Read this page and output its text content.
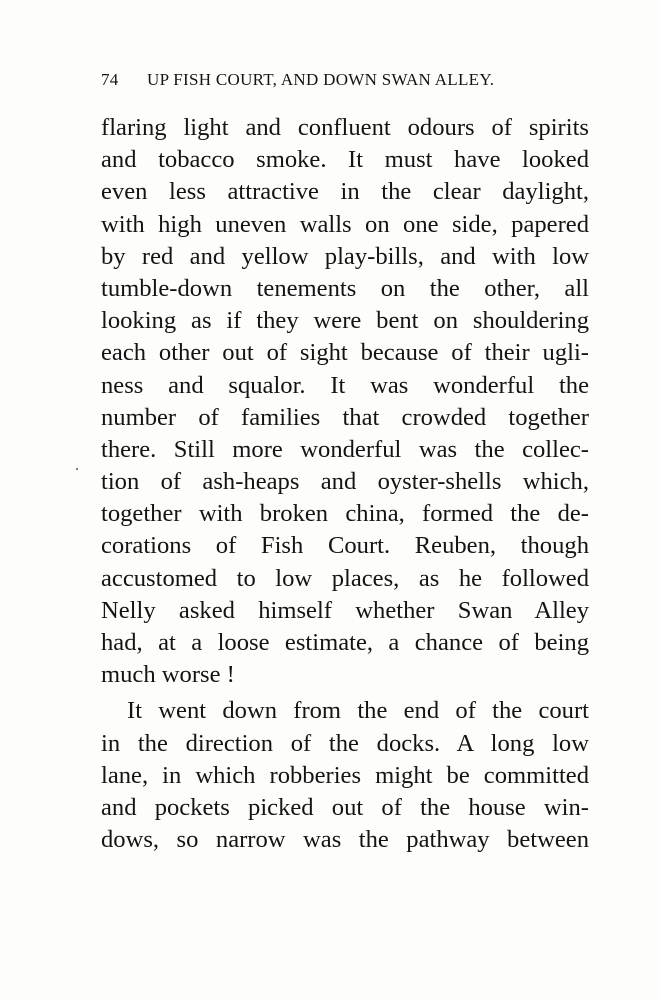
74 UP FISH COURT, AND DOWN SWAN ALLEY.
flaring light and confluent odours of spirits
and tobacco smoke. It must have looked
even less attractive in the clear daylight,
with high uneven walls on one side, papered
by red and yellow play-bills, and with low
tumble-down tenements on the other, all
looking as if they were bent on shouldering
each other out of sight because of their ugli-
ness and squalor. It was wonderful the
number of families that crowded together
there. Still more wonderful was the collec-
tion of ash-heaps and oyster-shells which,
together with broken china, formed the de-
corations of Fish Court. Reuben, though
accustomed to low places, as he followed
Nelly asked himself whether Swan Alley
had, at a loose estimate, a chance of being
much worse !
It went down from the end of the court
in the direction of the docks. A long low
lane, in which robberies might be committed
and pockets picked out of the house win-
dows, so narrow was the pathway between
